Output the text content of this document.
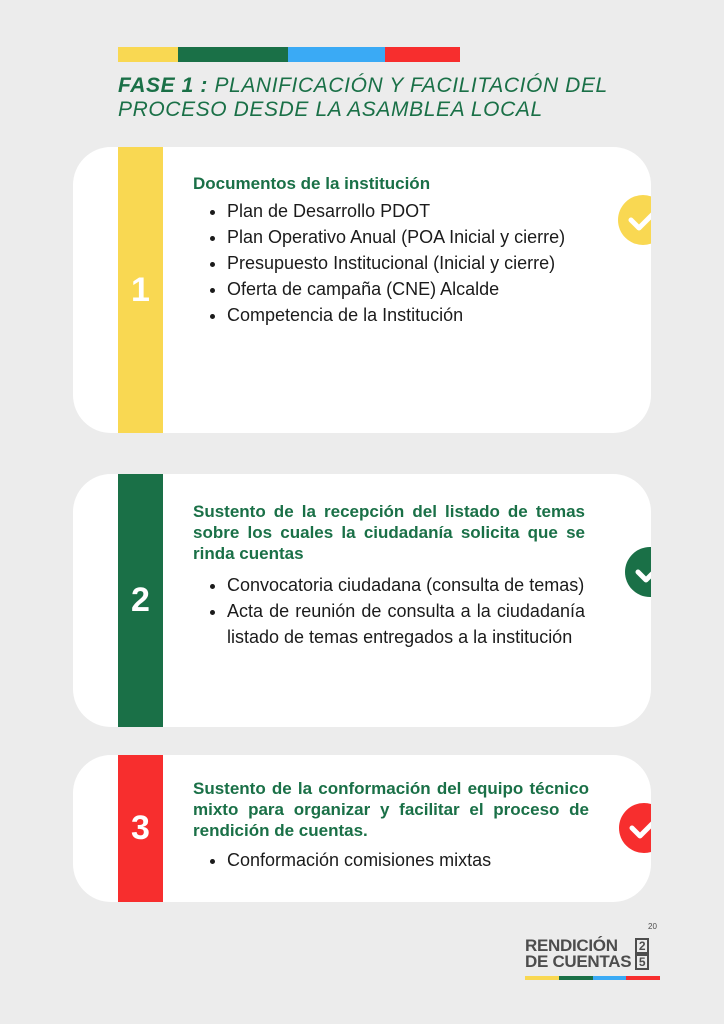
FASE 1 : PLANIFICACIÓN Y FACILITACIÓN DEL PROCESO DESDE LA ASAMBLEA LOCAL
1

Documentos de la institución

• Plan de Desarrollo PDOT
• Plan Operativo Anual (POA Inicial y cierre)
• Presupuesto Institucional (Inicial y cierre)
• Oferta de campaña (CNE) Alcalde
• Competencia de la Institución
2

Sustento de la recepción del listado de temas sobre los cuales la ciudadanía solicita que se rinda cuentas

• Convocatoria ciudadana (consulta de temas)
• Acta de reunión de consulta a la ciudadanía listado de temas entregados a la institución
3

Sustento de la conformación del equipo técnico mixto para organizar y facilitar el proceso de rendición de cuentas.

• Conformación comisiones mixtas
20
RENDICIÓN
DE CUENTAS
2
5
